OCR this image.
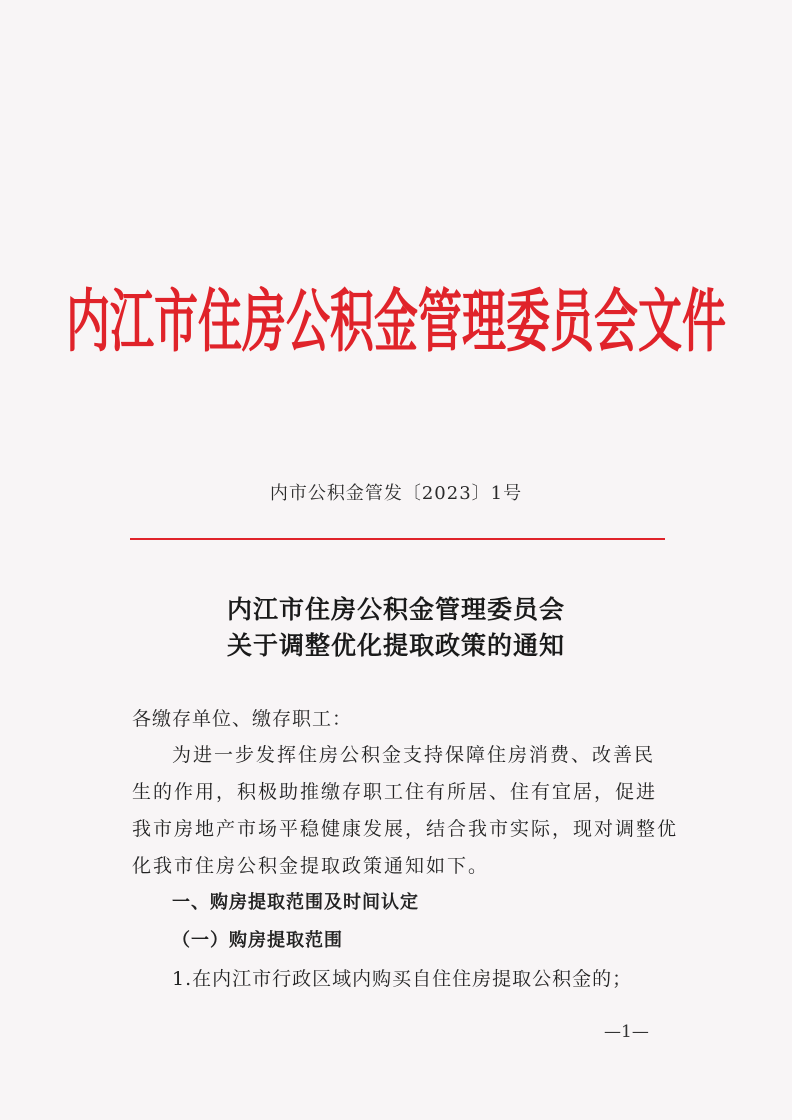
内江市住房公积金管理委员会文件
内市公积金管发〔2023〕1号
内江市住房公积金管理委员会
关于调整优化提取政策的通知
各缴存单位、缴存职工：
为进一步发挥住房公积金支持保障住房消费、改善民
生的作用，积极助推缴存职工住有所居、住有宜居，促进
我市房地产市场平稳健康发展，结合我市实际，现对调整优
化我市住房公积金提取政策通知如下。
一、购房提取范围及时间认定
（一）购房提取范围
1.在内江市行政区域内购买自住住房提取公积金的；
—1—
